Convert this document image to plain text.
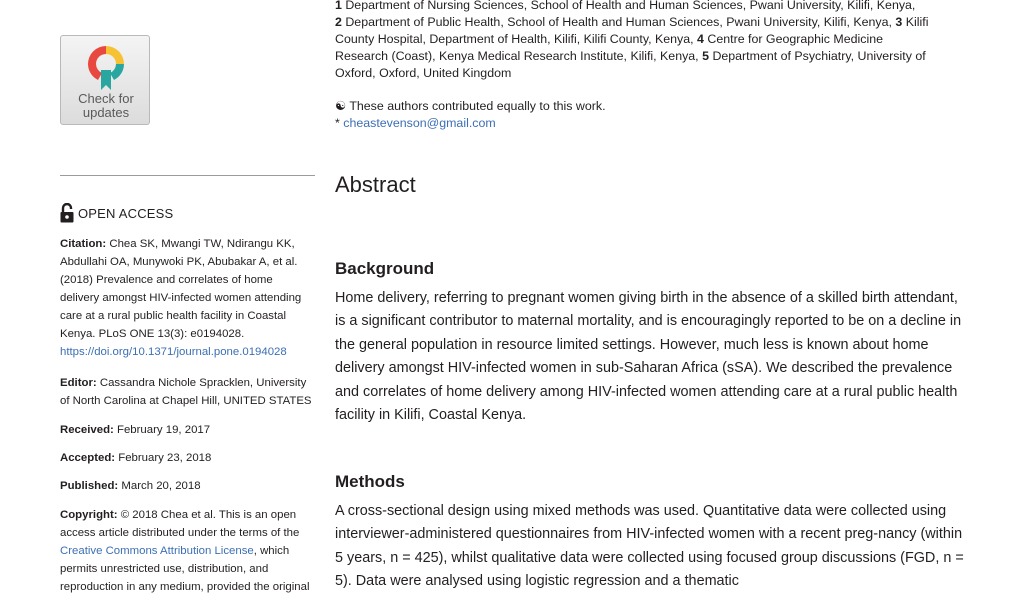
Check for
updates
OPEN ACCESS
Citation: Chea SK, Mwangi TW, Ndirangu KK, Abdullahi OA, Munywoki PK, Abubakar A, et al. (2018) Prevalence and correlates of home delivery amongst HIV-infected women attending care at a rural public health facility in Coastal Kenya. PLoS ONE 13(3): e0194028. https://doi.org/10.1371/journal.pone.0194028
Editor: Cassandra Nichole Spracklen, University of North Carolina at Chapel Hill, UNITED STATES
Received: February 19, 2017
Accepted: February 23, 2018
Published: March 20, 2018
Copyright: © 2018 Chea et al. This is an open access article distributed under the terms of the Creative Commons Attribution License, which permits unrestricted use, distribution, and reproduction in any medium, provided the original
1 Department of Nursing Sciences, School of Health and Human Sciences, Pwani University, Kilifi, Kenya,
2 Department of Public Health, School of Health and Human Sciences, Pwani University, Kilifi, Kenya, 3 Kilifi
County Hospital, Department of Health, Kilifi, Kilifi County, Kenya, 4 Centre for Geographic Medicine
Research (Coast), Kenya Medical Research Institute, Kilifi, Kenya, 5 Department of Psychiatry, University of
Oxford, Oxford, United Kingdom
☯ These authors contributed equally to this work.
* cheastevenson@gmail.com
Abstract
Background

Home delivery, referring to pregnant women giving birth in the absence of a skilled birth attendant, is a significant contributor to maternal mortality, and is encouragingly reported to be on a decline in the general population in resource limited settings. However, much less is known about home delivery amongst HIV-infected women in sub-Saharan Africa (sSA). We described the prevalence and correlates of home delivery among HIV-infected women attending care at a rural public health facility in Kilifi, Coastal Kenya.

Methods

A cross-sectional design using mixed methods was used. Quantitative data were collected using interviewer-administered questionnaires from HIV-infected women with a recent preg-nancy (within 5 years, n = 425), whilst qualitative data were collected using focused group discussions (FGD, n = 5). Data were analysed using logistic regression and a thematic
